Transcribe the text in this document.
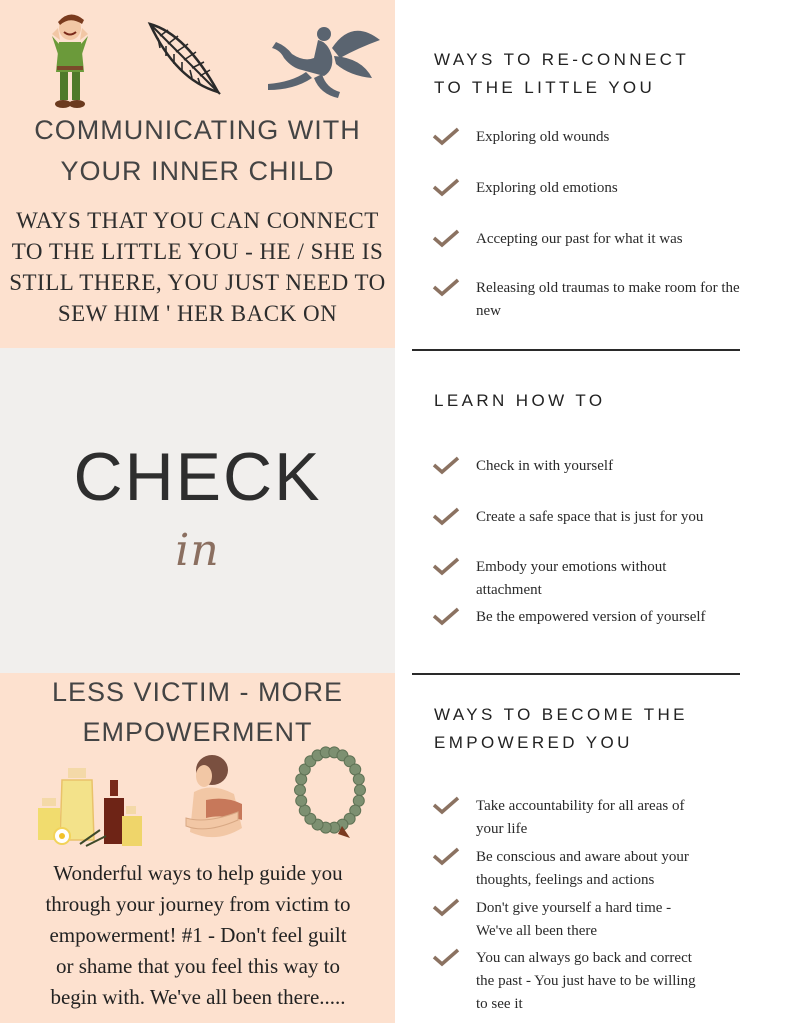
COMMUNICATING WITH
YOUR INNER CHILD
WAYS THAT YOU CAN CONNECT
TO THE LITTLE YOU - HE / SHE IS
STILL THERE, YOU JUST NEED TO
SEW HIM ' HER BACK ON
CHECK
in
LESS VICTIM - MORE
EMPOWERMENT
Wonderful ways to help guide you
through your journey from victim to
empowerment! #1 - Don't feel guilt
or shame that you feel this way to
begin with. We've all been there.....
WAYS TO RE-CONNECT
TO THE LITTLE YOU
Exploring old wounds
Exploring old emotions
Accepting our past for what it was
Releasing old traumas to make room for the
new
LEARN HOW TO
Check in with yourself
Create a safe space that is just for you
Embody your emotions without
attachment
Be the empowered version of yourself
WAYS TO BECOME THE
EMPOWERED YOU
Take accountability for all areas of
your life
Be conscious and aware about your
thoughts, feelings and actions
Don't give yourself a hard time -
We've all been there
You can always go back and correct
the past - You just have to be willing
to see it
